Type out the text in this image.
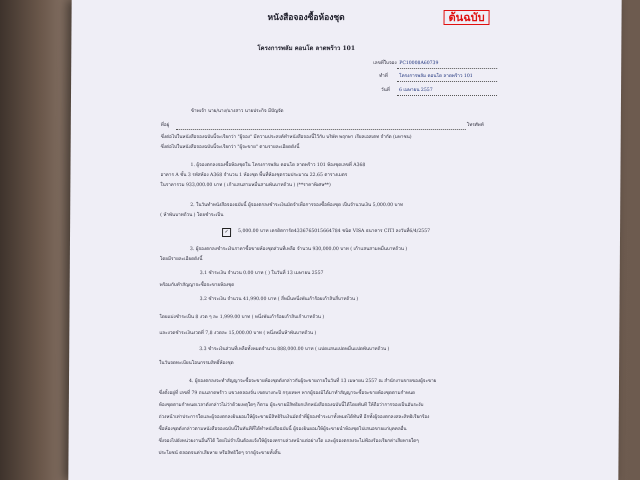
หนังสือจองซื้อห้องชุด	ต้นฉบับ
โครงการพลัม คอนโด ลาดพร้าว 101
เลขที่ใบจอง PC10008A60739
ทำที่ โครงการพลัม คอนโด ลาดพร้าว 101
วันที่ 6 เมษายน 2557
ข้าพเจ้า นาย/นาง/นางสาว นายประกิจ มีปัญจัด
ที่อยู่	โทรศัพท์
ซึ่งต่อไปในหนังสือจองฉบับนี้จะเรียกว่า "ผู้จอง" มีความประสงค์ทำหนังสือจองนี้ไว้กับ บริษัท พฤกษา เรียลเอสเตท จำกัด (มหาชน)
ซึ่งต่อไปในหนังสือจองฉบับนี้จะเรียกว่า "ผู้จะขาย" ตามรายละเอียดดังนี้
1. ผู้จองตกลงจองซื้อห้องชุดใน โครงการพลัม คอนโด ลาดพร้าว 101 ห้องชุดเลขที่ A368
อาคาร A ชั้น 3 รหัสห้อง A368 จำนวน 1 ห้องชุด พื้นที่ห้องชุดรวมประมาณ 22.65 ตารางเมตร
ในราคารวม 933,000.00 บาท ( เก้าแสนสามหมื่นสามพันบาทถ้วน ) (**ราคาพิเศษ**)
2. ในวันทำหนังสือจองฉบับนี้ ผู้จองตกลงชำระเงินมัดจำเพื่อการจองซื้อห้องชุด เป็นจำนวนเงิน 5,000.00 บาท
( ห้าพันบาทถ้วน ) โดยชำระเป็น
✓	5,000.00 บาท เครดิตการ์ด4336765015664784 ชนิด VISA ธนาคาร CITI ลงวันที่6/4/2557
3. ผู้จองตกลงชำระเงินราคาซื้อขายห้องชุดส่วนที่เหลือ จำนวน 930,000.00 บาท ( เก้าแสนสามหมื่นบาทถ้วน )
โดยมีรายละเอียดดังนี้
3.1 ชำระเงิน จำนวน 0.00 บาท ( ) ในวันที่ 13 เมษายน 2557
พร้อมกับทำสัญญาจะซื้อจะขายห้องชุด
3.2 ชำระเงิน จำนวน 41,990.00 บาท ( สี่หมื่นหนึ่งพันเก้าร้อยเก้าสิบสี่บาทถ้วน )
โดยแบ่งชำระเป็น 8 งวด ๆ ละ 1,999.00 บาท ( หนึ่งพันเก้าร้อยเก้าสิบเก้าบาทถ้วน )
และงวดชำระเงินงวดที่ 7,8 งวดละ 15,000.00 บาท ( หนึ่งหมื่นห้าพันบาทถ้วน )
3.3 ชำระเงินส่วนที่เหลือทั้งหมดจำนวน 888,000.00 บาท ( แปดแสนแปดหมื่นแปดพันบาทถ้วน )
ในวันจดทะเบียนโอนกรรมสิทธิ์ห้องชุด
4. ผู้จองตกลงจะทำสัญญาจะซื้อจะขายห้องชุดดังกล่าวกับผู้จะขายภายในวันที่ 13 เมษายน 2557 ณ สำนักงานขายของผู้จะขาย
ซึ่งตั้งอยู่ที่ เลขที่ 79 ถนนลาดพร้าว แขวงคลองจั่น เขตบางกะปิ กรุงเทพฯ หากผู้จองมิได้มาทำสัญญาจะซื้อจะขายห้องชุดตามกำหนด
ห้องชุดตามกำหนดเวลาดังกล่าวไม่ว่าด้วยเหตุใดๆ ก็ตาม ผู้จะขายมีสิทธิยกเลิกหนังสือจองฉบับนี้ได้โดยทันที ให้ถือว่าการจองเป็นอันระงับ
ถ่วงหน้าเท่าประการใดและผู้จองตกลงยินยอมให้ผู้จะขายมีสิทธิริบเงินมัดจำที่ผู้จองชำระมาทั้งหมดได้ทันที อีกทั้งผู้จองตกลงสละสิทธิเรียกร้อง
ซื้อห้องชุดดังกล่าวตามหนังสือจองฉบับนี้ในทันทีที่ได้ทำหนังสือฉบับนี้ ผู้จองยินยอมให้ผู้จะขายนำห้องชุดไปเสนอขายแก่บุคคลอื่น
ซึ่งจองไปยังหน่วยงานอื่นก็ได้ โดยไม่จำเป็นต้องแจ้งให้ผู้จองทราบล่วงหน้าแต่อย่างใด และผู้จองตกลงจะไม่ฟ้องร้องเรียกค่าเสียหายใดๆ
ประโยชน์ ตลอดจนค่าเสียหาย หรือสิทธิใดๆ จากผู้จะขายทั้งสิ้น
